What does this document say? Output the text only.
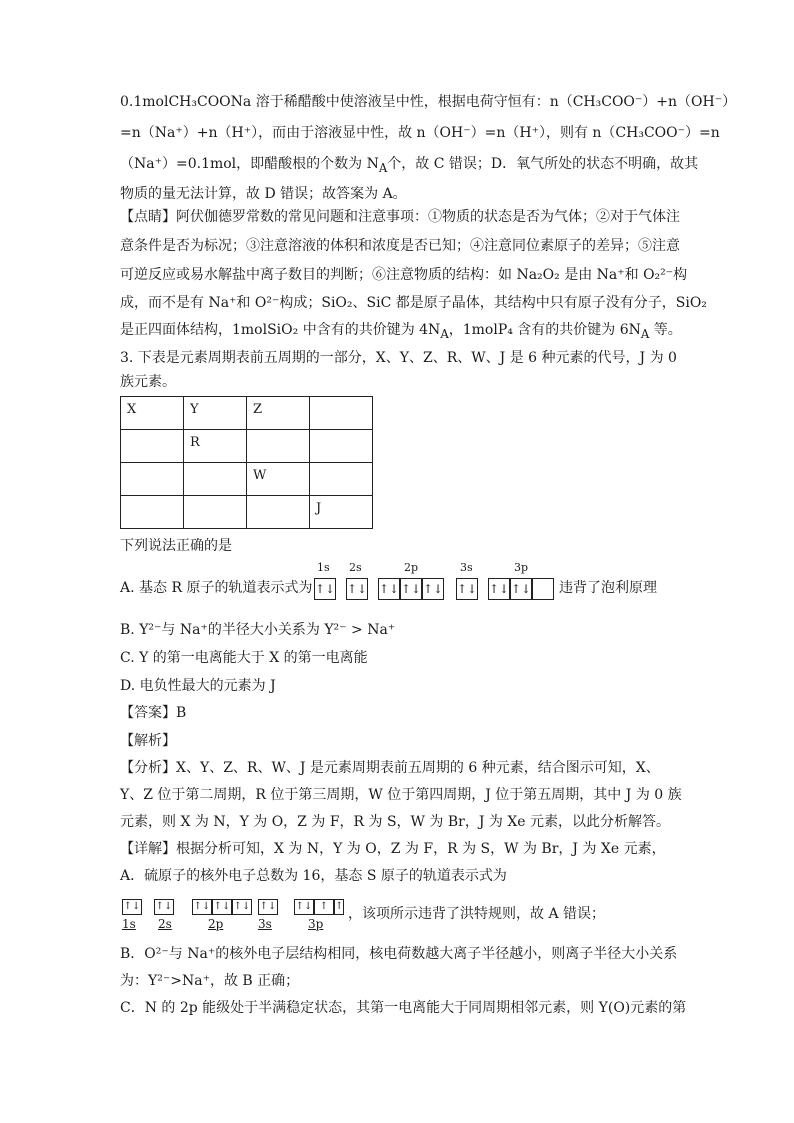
0.1molCH₃COONa 溶于稀醋酸中使溶液呈中性，根据电荷守恒有：n（CH₃COO⁻）+n（OH⁻）
=n（Na⁺）+n（H⁺），而由于溶液显中性，故 n（OH⁻）=n（H⁺），则有 n（CH₃COO⁻）=n
（Na⁺）=0.1mol，即醋酸根的个数为 $N_A$个，故 C 错误；D．氧气所处的状态不明确，故其
物质的量无法计算，故 D 错误；故答案为 A。
【点睛】阿伏伽德罗常数的常见问题和注意事项：①物质的状态是否为气体；②对于气体注
意条件是否为标况；③注意溶液的体积和浓度是否已知；④注意同位素原子的差异；⑤注意
可逆反应或易水解盐中离子数目的判断；⑥注意物质的结构：如 Na₂O₂ 是由 Na⁺和 O₂²⁻构
成，而不是有 Na⁺和 O²⁻构成；SiO₂、SiC 都是原子晶体，其结构中只有原子没有分子，SiO₂
是正四面体结构，1molSiO₂ 中含有的共价键为 $4N_A$，1molP₄ 含有的共价键为 $6N_A$ 等。
3. 下表是元素周期表前五周期的一部分，X、Y、Z、R、W、J 是 6 种元素的代号，J 为 0
族元素。
X	Y	Z	
	R		
		W	
			J
下列说法正确的是
A. 基态 R 原子的轨道表示式为
1s 2s	2p	3s	3p
↑↓ ↑↓ ↑↓ ↑↓ ↑↓ ↑↓ ↑↓ ↑↓ 违背了泡利原理
B. Y²⁻与 Na⁺的半径大小关系为 Y²⁻ > Na⁺
C. Y 的第一电离能大于 X 的第一电离能
D. 电负性最大的元素为 J
【答案】B
【解析】
【分析】X、Y、Z、R、W、J 是元素周期表前五周期的 6 种元素，结合图示可知，X、
Y、Z 位于第二周期，R 位于第三周期，W 位于第四周期，J 位于第五周期，其中 J 为 0 族
元素，则 X 为 N，Y 为 O，Z 为 F，R 为 S，W 为 Br，J 为 Xe 元素，以此分析解答。
【详解】根据分析可知，X 为 N，Y 为 O，Z 为 F，R 为 S，W 为 Br，J 为 Xe 元素，
A．硫原子的核外电子总数为 16，基态 S 原子的轨道表示式为
↑↓ ↑↓ ↑↓ ↑↓ ↑↓ ↑↓ ↑↓ ↑ ↑
1s 2s	2p	3s	3p
，该项所示违背了洪特规则，故 A 错误；
B．O²⁻与 Na⁺的核外电子层结构相同，核电荷数越大离子半径越小，则离子半径大小关系
为：Y²⁻>Na⁺，故 B 正确；
C．N 的 2p 能级处于半满稳定状态，其第一电离能大于同周期相邻元素，则 Y(O)元素的第
